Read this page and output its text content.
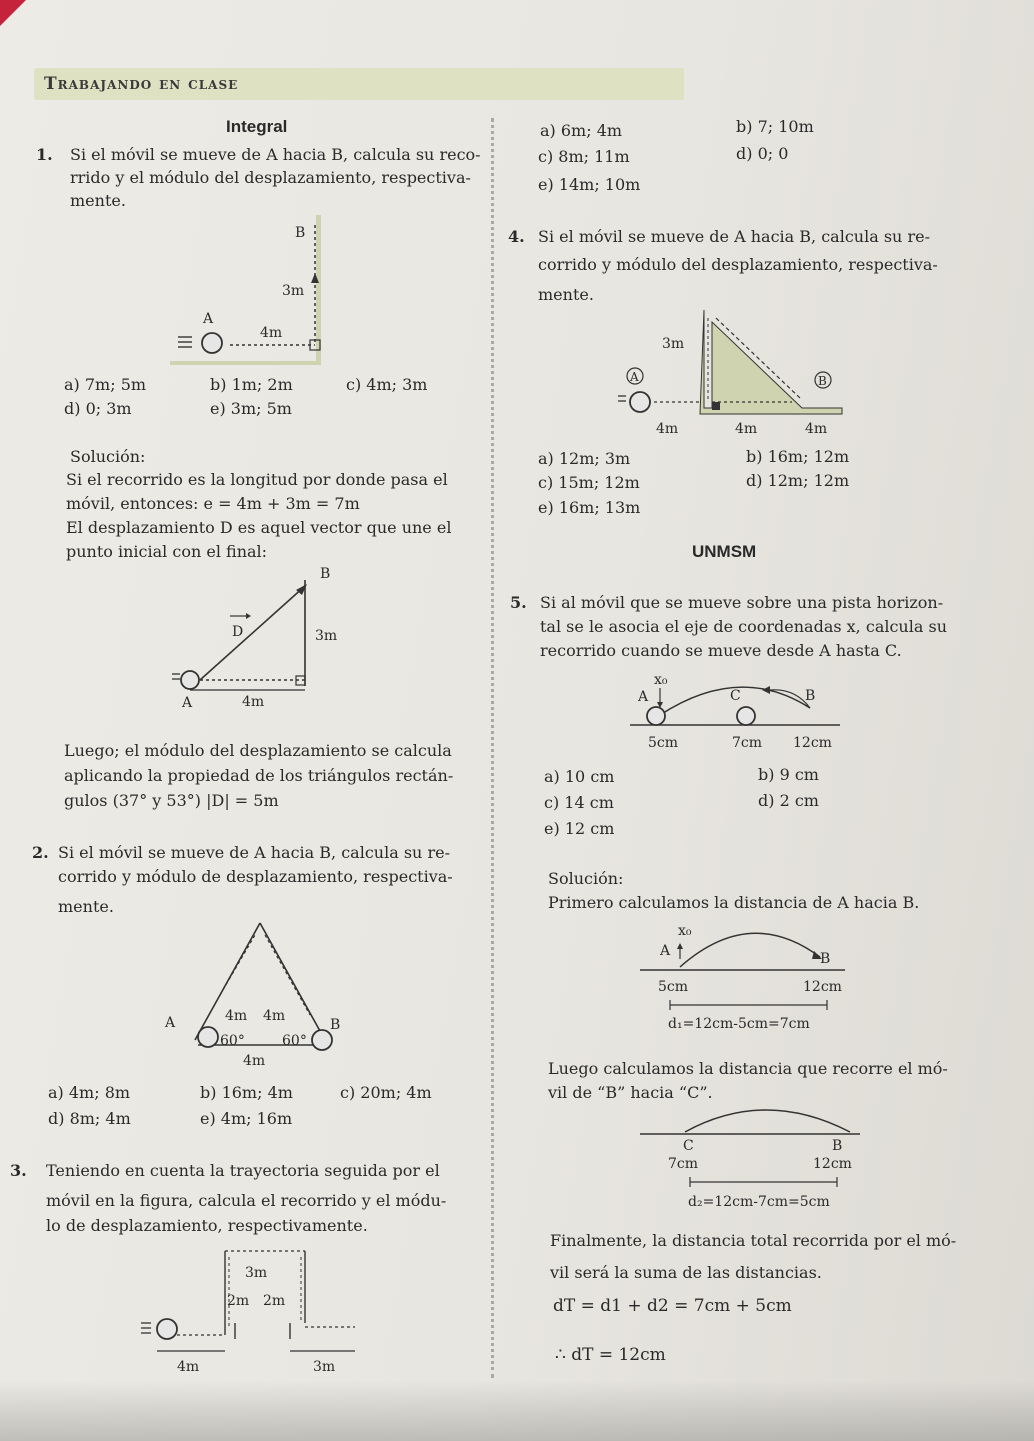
Trabajando en clase
Integral
1. Si el móvil se mueve de A hacia B, calcula su reco-
rrido y el módulo del desplazamiento, respectiva-
mente.
B
3m
A
4m
a) 7m; 5m	b) 1m; 2m	c) 4m; 3m
d) 0; 3m	e) 3m; 5m
Solución:
Si el recorrido es la longitud por donde pasa el
móvil, entonces: e = 4m + 3m = 7m
El desplazamiento D es aquel vector que une el
punto inicial con el final:
B
D	3m
A	4m
Luego; el módulo del desplazamiento se calcula
aplicando la propiedad de los triángulos rectán-
gulos (37° y 53°) |D| = 5m
2. Si el móvil se mueve de A hacia B, calcula su re-
corrido y módulo de desplazamiento, respectiva-
mente.
A	B
4m 4m
60°	60°
4m
a) 4m; 8m	b) 16m; 4m	c) 20m; 4m
d) 8m; 4m	e) 4m; 16m
3. Teniendo en cuenta la trayectoria seguida por el
móvil en la figura, calcula el recorrido y el módu-
lo de desplazamiento, respectivamente.
3m
2m 2m
4m	3m
a) 6m; 4m	b) 7; 10m
c) 8m; 11m	d) 0; 0
e) 14m; 10m
4. Si el móvil se mueve de A hacia B, calcula su re-
corrido y módulo del desplazamiento, respectiva-
mente.
A	B
3m
4m	4m	4m
a) 12m; 3m	b) 16m; 12m
c) 15m; 12m	d) 12m; 12m
e) 16m; 13m
UNMSM
5. Si al móvil que se mueve sobre una pista horizon-
tal se le asocia el eje de coordenadas x, calcula su
recorrido cuando se mueve desde A hasta C.
x₀
A	C	B
5cm	7cm 12cm
a) 10 cm	b) 9 cm
c) 14 cm	d) 2 cm
e) 12 cm
Solución:
Primero calculamos la distancia de A hacia B.
x₀
A	B
5cm	12cm
d₁=12cm-5cm=7cm
Luego calculamos la distancia que recorre el mó-
vil de “B” hacia “C”.
C	B
7cm	12cm
d₂=12cm-7cm=5cm
Finalmente, la distancia total recorrida por el mó-
vil será la suma de las distancias.
dT = d1 + d2 = 7cm + 5cm
∴ dT = 12cm
